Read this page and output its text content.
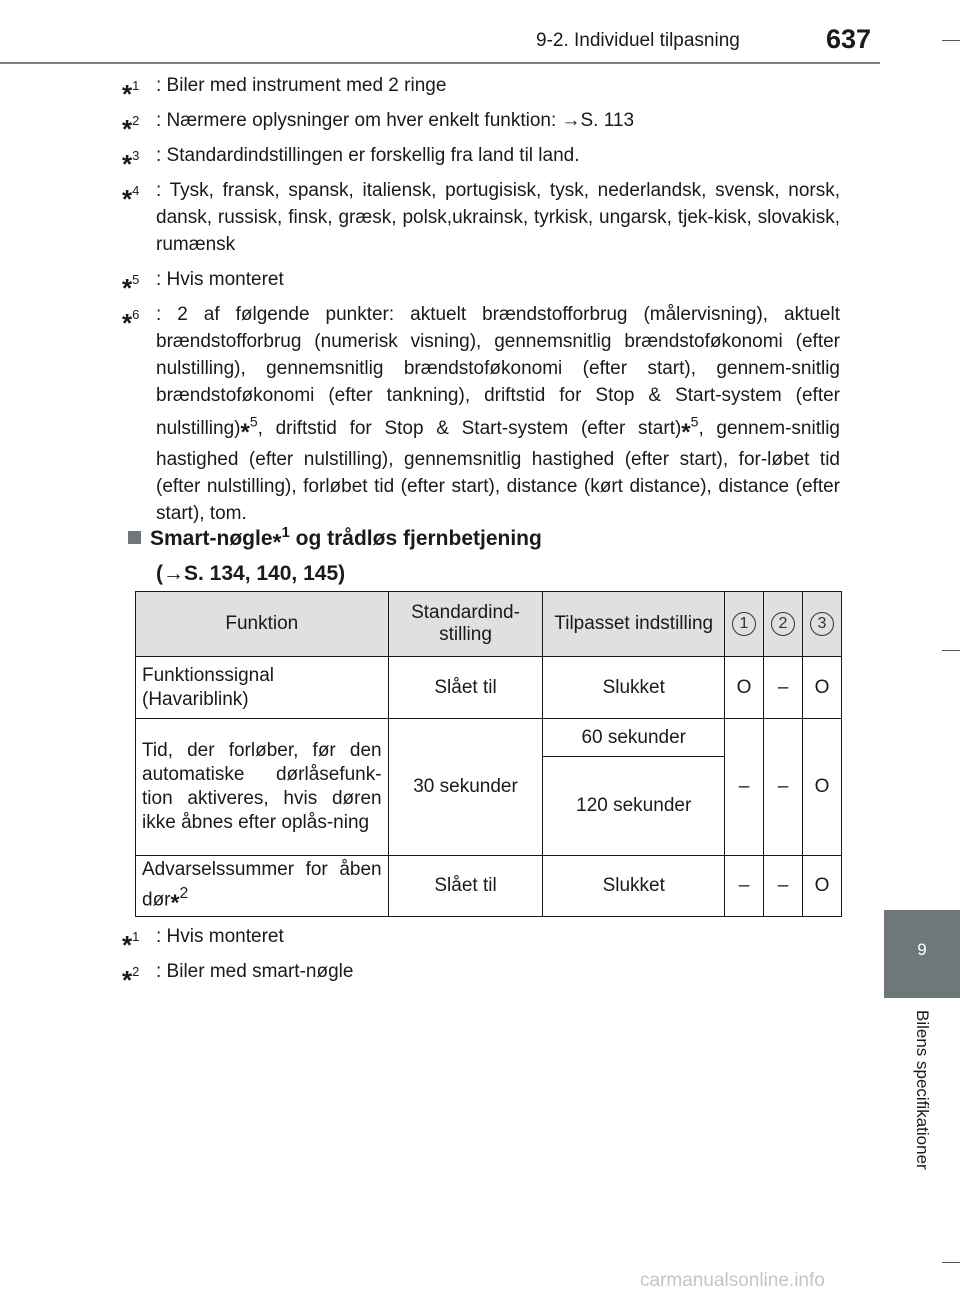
9-2. Individuel tilpasning	637
9
Bilens specifikationer
*$^1$ : Biler med instrument med 2 ringe
*$^2$ : Nærmere oplysninger om hver enkelt funktion: →S. 113
*$^3$ : Standardindstillingen er forskellig fra land til land.
*$^4$ : Tysk, fransk, spansk, italiensk, portugisisk, tysk, nederlandsk, svensk, norsk, dansk, russisk, finsk, græsk, polsk,ukrainsk, tyrkisk, ungarsk, tjek-kisk, slovakisk, rumænsk
*$^5$ : Hvis monteret
*$^6$ : 2 af følgende punkter: aktuelt brændstofforbrug (målervisning), aktuelt brændstofforbrug (numerisk visning), gennemsnitlig brændstoføkonomi (efter nulstilling), gennemsnitlig brændstoføkonomi (efter start), gennem-snitlig brændstoføkonomi (efter tankning), driftstid for Stop & Start-system (efter nulstilling)*$^5$, driftstid for Stop & Start-system (efter start)*$^5$, gennem-snitlig hastighed (efter nulstilling), gennemsnitlig hastighed (efter start), for-løbet tid (efter nulstilling), forløbet tid (efter start), distance (kørt distance), distance (efter start), tom.
Smart-nøgle*$^1$ og trådløs fjernbetjening
(→S. 134, 140, 145)
Funktion	Standardind-stilling	Tilpasset indstilling	1	2	3
Funktionssignal (Havariblink)	Slået til	Slukket	O	–	O
Tid, der forløber, før den automatiske dørlåsefunk-tion aktiveres, hvis døren ikke åbnes efter oplås-ning	30 sekunder	60 sekunder	–	–	O
		120 sekunder			
Advarselssummer for åben dør*$^2$	Slået til	Slukket	–	–	O
*$^1$ : Hvis monteret
*$^2$ : Biler med smart-nøgle
carmanualsonline.info
